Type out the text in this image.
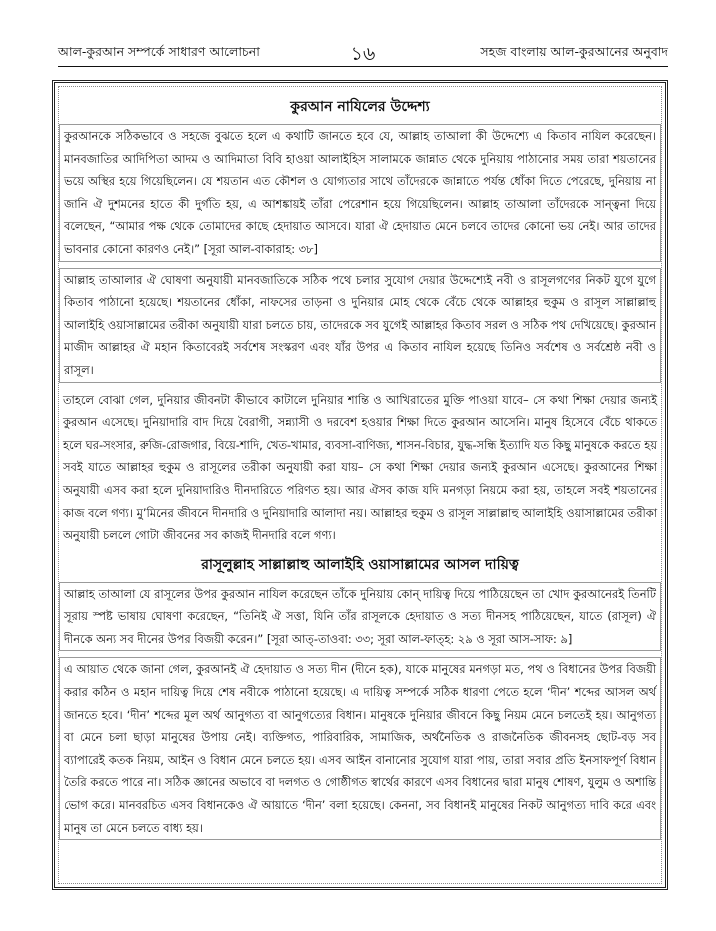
আল-কুরআন সম্পর্কে সাধারণ আলোচনা	১৬	সহজ বাংলায় আল-কুরআনের অনুবাদ
কুরআন নাযিলের উদ্দেশ্য

কুরআনকে সঠিকভাবে ও সহজে বুঝতে হলে এ কথাটি জানতে হবে যে, আল্লাহ তাআলা কী উদ্দেশ্যে এ কিতাব নাযিল করেছেন। মানবজাতির আদিপিতা আদম ও আদিমাতা বিবি হাওয়া আলাইহিস সালামকে জান্নাত থেকে দুনিয়ায় পাঠানোর সময় তারা শয়তানের ভয়ে অস্থির হয়ে গিয়েছিলেন। যে শয়তান এত কৌশল ও যোগ্যতার সাথে তাঁদেরকে জান্নাতে পর্যন্ত ধোঁকা দিতে পেরেছে, দুনিয়ায় না জানি ঐ দুশমনের হাতে কী দুর্গতি হয়, এ আশঙ্কায়ই তাঁরা পেরেশান হয়ে গিয়েছিলেন। আল্লাহ তাআলা তাঁদেরকে সান্ত্বনা দিয়ে বলেছেন, “আমার পক্ষ থেকে তোমাদের কাছে হেদায়াত আসবে। যারা ঐ হেদায়াত মেনে চলবে তাদের কোনো ভয় নেই। আর তাদের ভাবনার কোনো কারণও নেই।” [সূরা আল-বাকারাহ: ৩৮]

আল্লাহ তাআলার ঐ ঘোষণা অনুযায়ী মানবজাতিকে সঠিক পথে চলার সুযোগ দেয়ার উদ্দেশ্যেই নবী ও রাসূলগণের নিকট যুগে যুগে কিতাব পাঠানো হয়েছে। শয়তানের ধোঁকা, নাফসের তাড়না ও দুনিয়ার মোহ থেকে বেঁচে থেকে আল্লাহর হুকুম ও রাসূল সাল্লাল্লাহু আলাইহি ওয়াসাল্লামের তরীকা অনুযায়ী যারা চলতে চায়, তাদেরকে সব যুগেই আল্লাহর কিতাব সরল ও সঠিক পথ দেখিয়েছে। কুরআন মাজীদ আল্লাহর ঐ মহান কিতাবেরই সর্বশেষ সংস্করণ এবং যাঁর উপর এ কিতাব নাযিল হয়েছে তিনিও সর্বশেষ ও সর্বশ্রেষ্ঠ নবী ও রাসূল।

তাহলে বোঝা গেল, দুনিয়ার জীবনটা কীভাবে কাটালে দুনিয়ার শান্তি ও আখিরাতের মুক্তি পাওয়া যাবে– সে কথা শিক্ষা দেয়ার জন্যই কুরআন এসেছে। দুনিয়াদারি বাদ দিয়ে বৈরাগী, সন্ন্যাসী ও দরবেশ হওয়ার শিক্ষা দিতে কুরআন আসেনি। মানুষ হিসেবে বেঁচে থাকতে হলে ঘর-সংসার, রুজি-রোজগার, বিয়ে-শাদি, খেত-খামার, ব্যবসা-বাণিজ্য, শাসন-বিচার, যুদ্ধ-সন্ধি ইত্যাদি যত কিছু মানুষকে করতে হয় সবই যাতে আল্লাহর হুকুম ও রাসূলের তরীকা অনুযায়ী করা যায়– সে কথা শিক্ষা দেয়ার জন্যই কুরআন এসেছে। কুরআনের শিক্ষা অনুযায়ী এসব করা হলে দুনিয়াদারিও দীনদারিতে পরিণত হয়। আর ঐসব কাজ যদি মনগড়া নিয়মে করা হয়, তাহলে সবই শয়তানের কাজ বলে গণ্য। মু’মিনের জীবনে দীনদারি ও দুনিয়াদারি আলাদা নয়। আল্লাহর হুকুম ও রাসূল সাল্লাল্লাহু আলাইহি ওয়াসাল্লামের তরীকা অনুযায়ী চললে গোটা জীবনের সব কাজই দীনদারি বলে গণ্য।

রাসূলুল্লাহ সাল্লাল্লাহু আলাইহি ওয়াসাল্লামের আসল দায়িত্ব

আল্লাহ তাআলা যে রাসূলের উপর কুরআন নাযিল করেছেন তাঁকে দুনিয়ায় কোন্ দায়িত্ব দিয়ে পাঠিয়েছেন তা খোদ কুরআনেরই তিনটি সূরায় স্পষ্ট ভাষায় ঘোষণা করেছেন, “তিনিই ঐ সত্তা, যিনি তাঁর রাসূলকে হেদায়াত ও সত্য দীনসহ পাঠিয়েছেন, যাতে (রাসূল) ঐ দীনকে অন্য সব দীনের উপর বিজয়ী করেন।” [সূরা আত্-তাওবা: ৩৩; সূরা আল-ফাত্হ: ২৯ ও সূরা আস-সাফ: ৯]

এ আয়াত থেকে জানা গেল, কুরআনই ঐ হেদায়াত ও সত্য দীন (দীনে হক), যাকে মানুষের মনগড়া মত, পথ ও বিধানের উপর বিজয়ী করার কঠিন ও মহান দায়িত্ব দিয়ে শেষ নবীকে পাঠানো হয়েছে। এ দায়িত্ব সম্পর্কে সঠিক ধারণা পেতে হলে ‘দীন’ শব্দের আসল অর্থ জানতে হবে। ‘দীন’ শব্দের মূল অর্থ আনুগত্য বা আনুগত্যের বিধান। মানুষকে দুনিয়ার জীবনে কিছু নিয়ম মেনে চলতেই হয়। আনুগত্য বা মেনে চলা ছাড়া মানুষের উপায় নেই। ব্যক্তিগত, পারিবারিক, সামাজিক, অর্থনৈতিক ও রাজনৈতিক জীবনসহ ছোট-বড় সব ব্যাপারেই কতক নিয়ম, আইন ও বিধান মেনে চলতে হয়। এসব আইন বানানোর সুযোগ যারা পায়, তারা সবার প্রতি ইনসাফপূর্ণ বিধান তৈরি করতে পারে না। সঠিক জ্ঞানের অভাবে বা দলগত ও গোষ্ঠীগত স্বার্থের কারণে এসব বিধানের দ্বারা মানুষ শোষণ, যুলুম ও অশান্তি ভোগ করে। মানবরচিত এসব বিধানকেও ঐ আয়াতে ‘দীন’ বলা হয়েছে। কেননা, সব বিধানই মানুষের নিকট আনুগত্য দাবি করে এবং মানুষ তা মেনে চলতে বাধ্য হয়।
